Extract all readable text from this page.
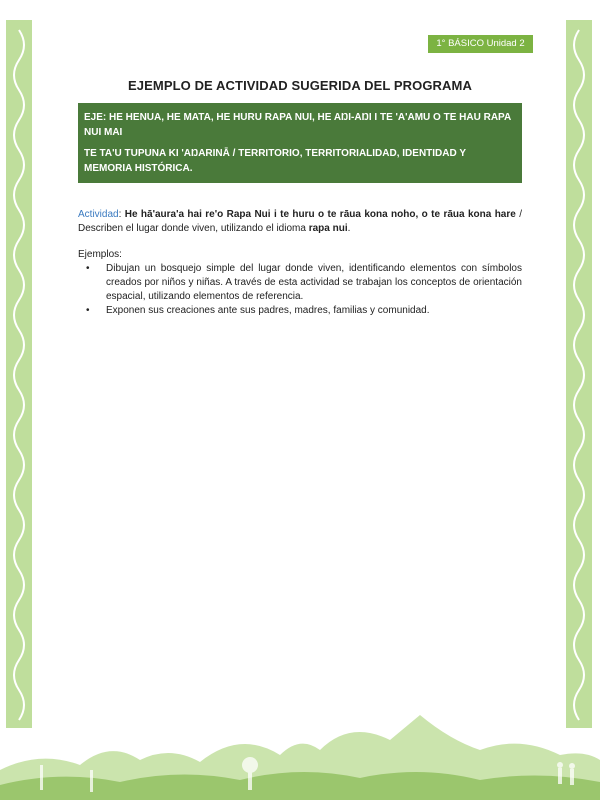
1° BÁSICO Unidad 2
EJEMPLO DE ACTIVIDAD SUGERIDA DEL PROGRAMA

EJE: HE HENUA, HE MATA, HE HURU RAPA NUI, HE AŊI-AŊI I TE 'A'AMU O TE HAU RAPA NUI MAI

TE TA'U TUPUNA KI 'AŊARINĀ / TERRITORIO, TERRITORIALIDAD, IDENTIDAD Y MEMORIA HISTÓRICA.

Actividad: He hā'aura'a hai re'o Rapa Nui i te huru o te rāua kona noho, o te rāua kona hare / Describen el lugar donde viven, utilizando el idioma rapa nui.
Ejemplos:
• Dibujan un bosquejo simple del lugar donde viven, identificando elementos con símbolos creados por niños y niñas. A través de esta actividad se trabajan los conceptos de orientación espacial, utilizando elementos de referencia.
• Exponen sus creaciones ante sus padres, madres, familias y comunidad.
